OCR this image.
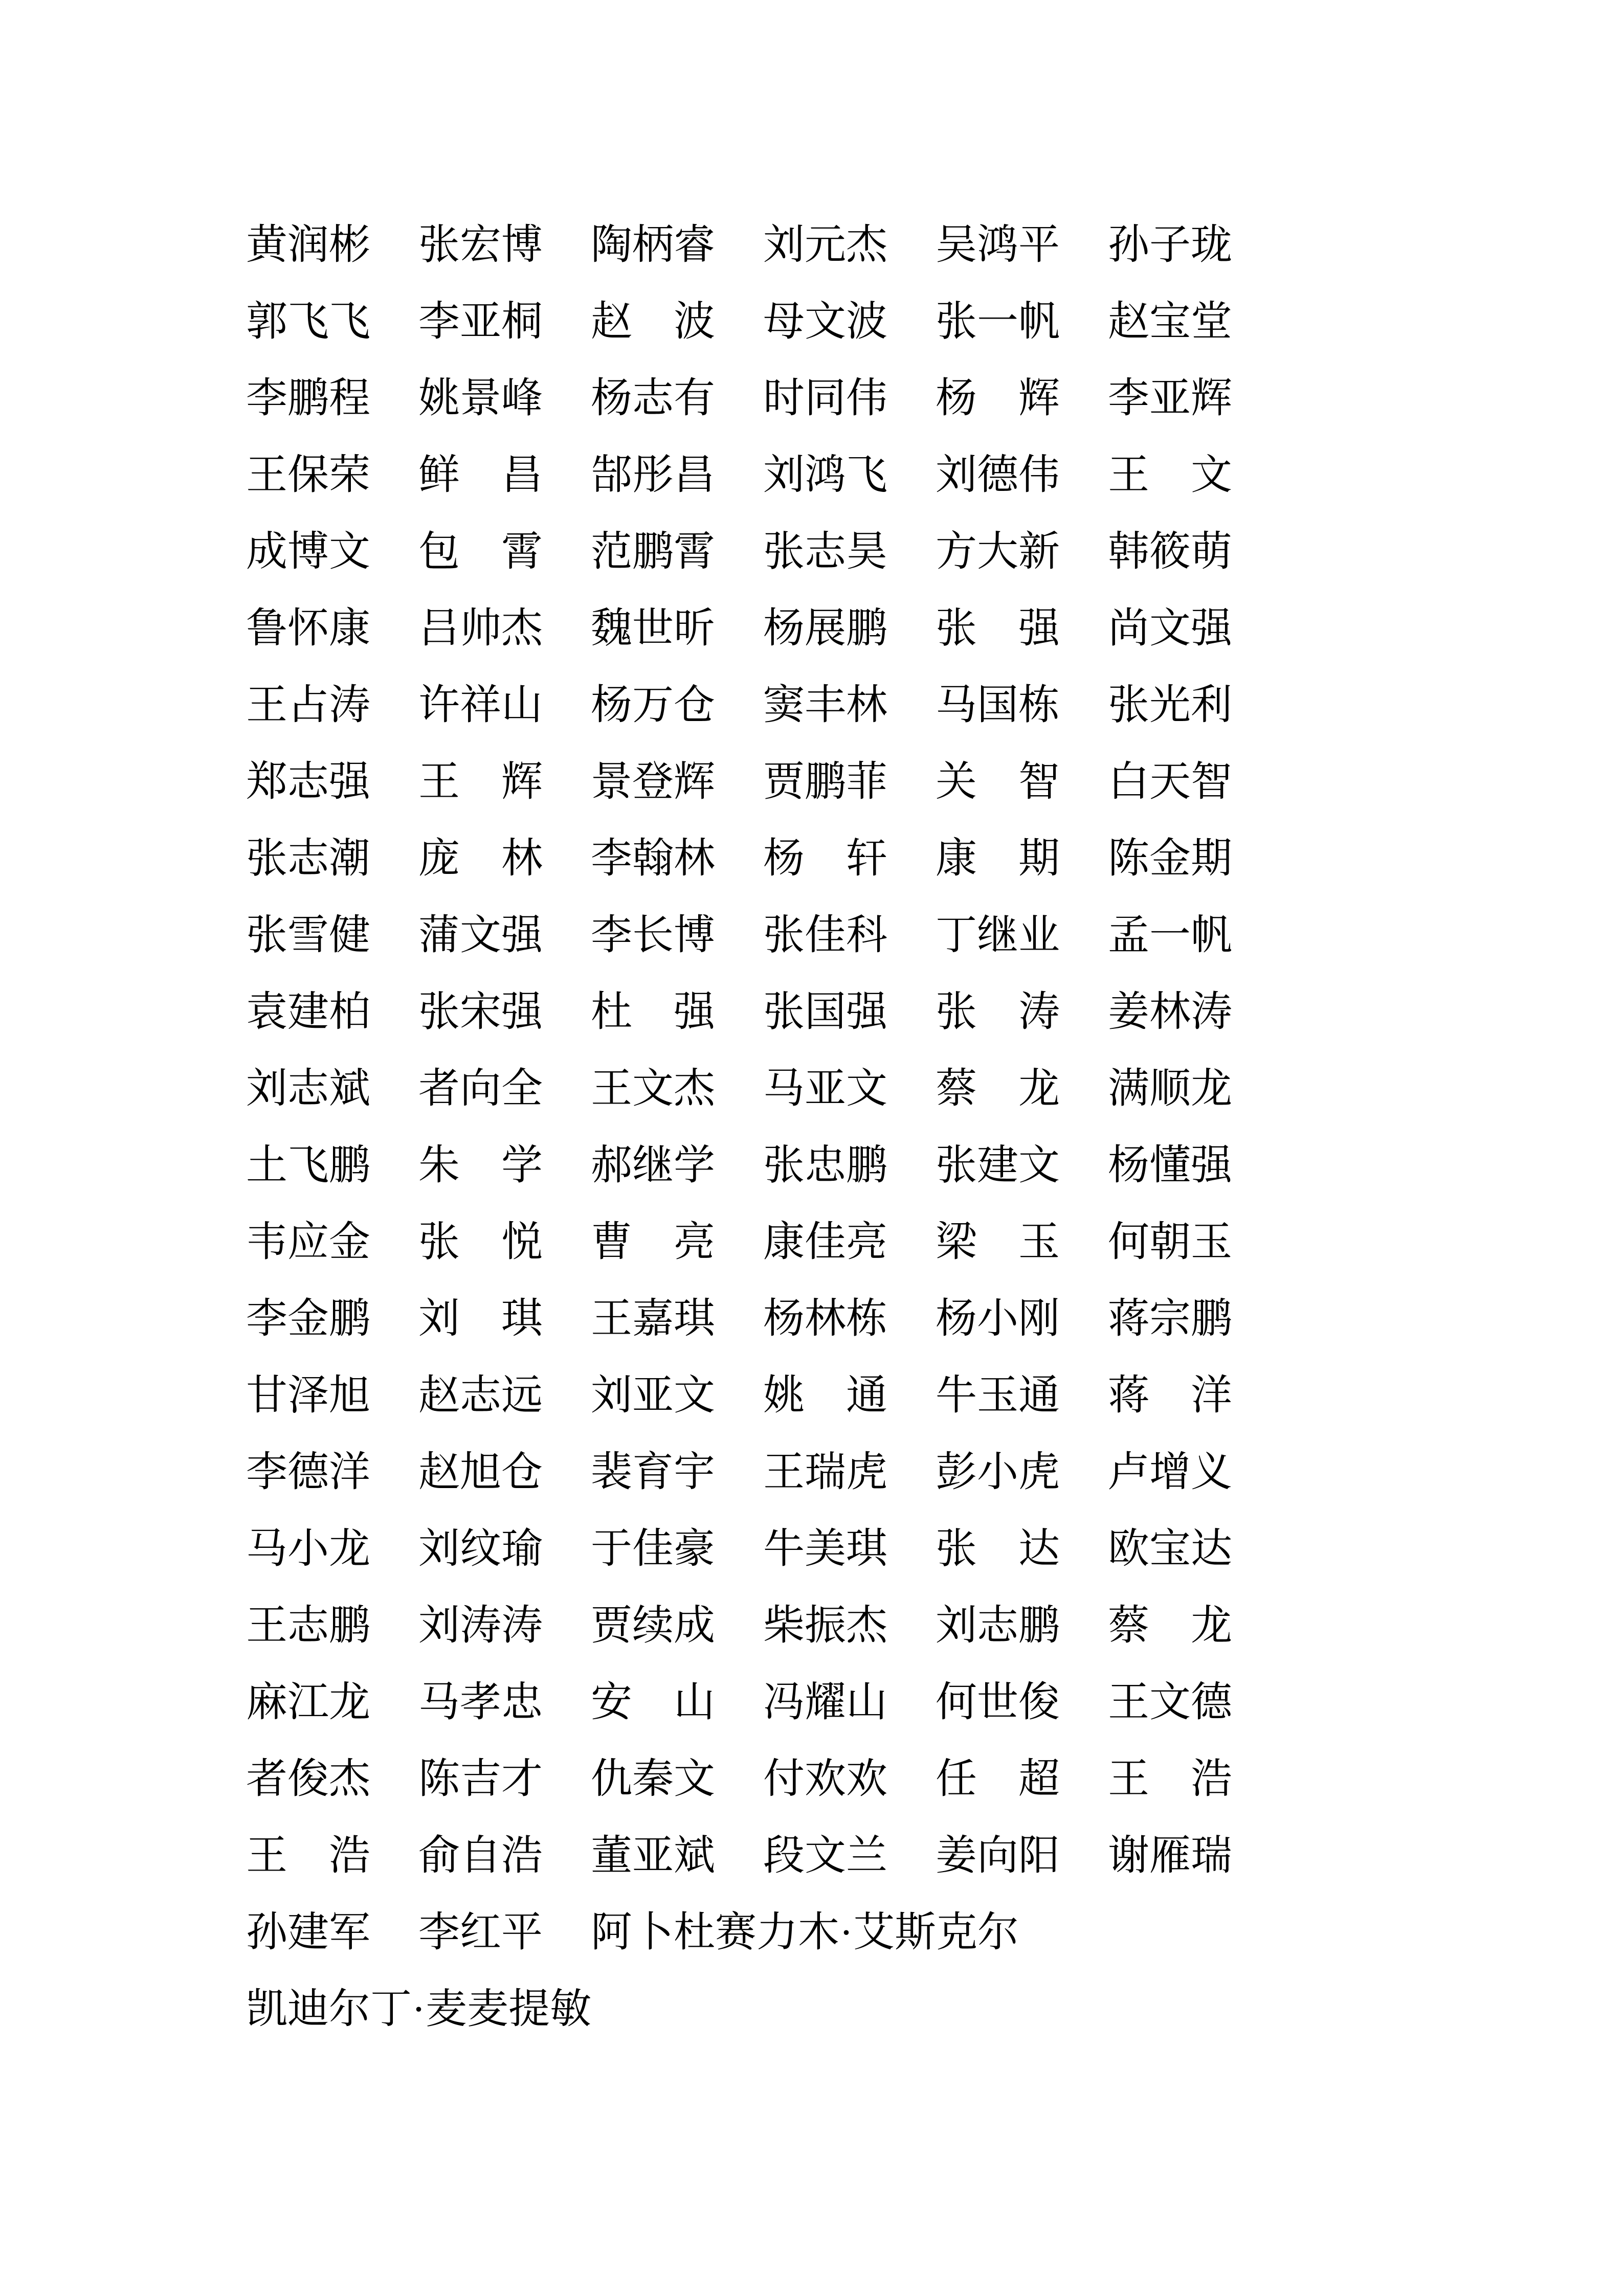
黄润彬	张宏博	陶柄睿	刘元杰	吴鸿平	孙子珑
郭飞飞	李亚桐	赵　波	母文波	张一帆	赵宝堂
李鹏程	姚景峰	杨志有	时同伟	杨　辉	李亚辉
王保荣	鲜　昌	郜彤昌	刘鸿飞	刘德伟	王　文
成博文	包　霄	范鹏霄	张志昊	方大新	韩筱萌
鲁怀康	吕帅杰	魏世昕	杨展鹏	张　强	尚文强
王占涛	许祥山	杨万仓	窦丰林	马国栋	张光利
郑志强	王　辉	景登辉	贾鹏菲	关　智	白天智
张志潮	庞　林	李翰林	杨　轩	康　期	陈金期
张雪健	蒲文强	李长博	张佳科	丁继业	孟一帆
袁建柏	张宋强	杜　强	张国强	张　涛	姜林涛
刘志斌	者向全	王文杰	马亚文	蔡　龙	满顺龙
土飞鹏	朱　学	郝继学	张忠鹏	张建文	杨懂强
韦应金	张　悦	曹　亮	康佳亮	梁　玉	何朝玉
李金鹏	刘　琪	王嘉琪	杨林栋	杨小刚	蒋宗鹏
甘泽旭	赵志远	刘亚文	姚　通	牛玉通	蒋　洋
李德洋	赵旭仓	裴育宇	王瑞虎	彭小虎	卢增义
马小龙	刘纹瑜	于佳豪	牛美琪	张　达	欧宝达
王志鹏	刘涛涛	贾续成	柴振杰	刘志鹏	蔡　龙
麻江龙	马孝忠	安　山	冯耀山	何世俊	王文德
者俊杰	陈吉才	仇秦文	付欢欢	任　超	王　浩
王　浩	俞自浩	董亚斌	段文兰	姜向阳	谢雁瑞
孙建军	李红平	阿卜杜赛力木·艾斯克尔
凯迪尔丁·麦麦提敏
